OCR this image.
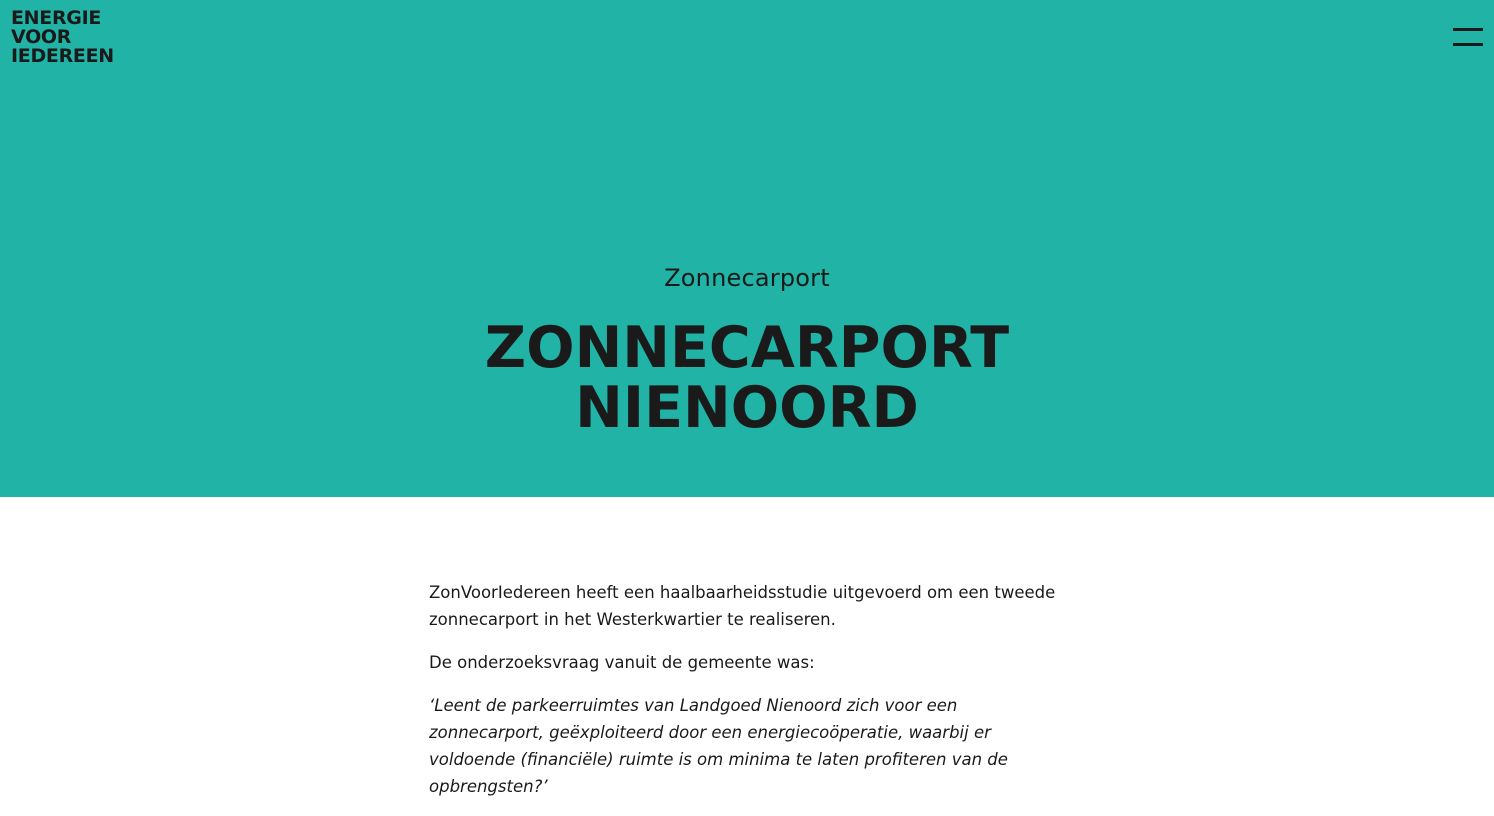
ENERGIE
VOOR
IEDEREEN
Zonnecarport
ZONNECARPORT
NIENOORD

ZonVoorIedereen heeft een haalbaarheidsstudie uitgevoerd om een tweede zonnecarport in het Westerkwartier te realiseren.

De onderzoeksvraag vanuit de gemeente was:

‘Leent de parkeerruimtes van Landgoed Nienoord zich voor een zonnecarport, geëxploiteerd door een energiecoöperatie, waarbij er voldoende (financiële) ruimte is om minima te laten profiteren van de opbrengsten?’
